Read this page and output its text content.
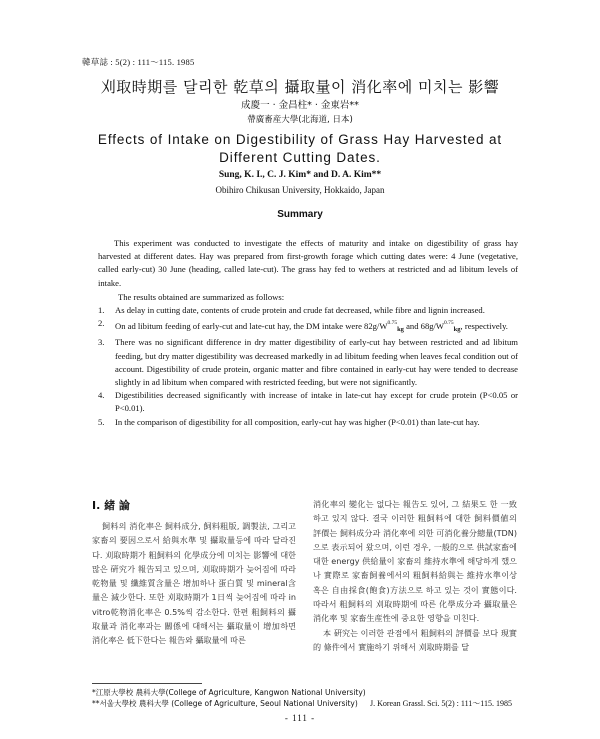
韓草誌 : 5(2) : 111～115. 1985
刈取時期를 달리한 乾草의 攝取量이 消化率에 미치는 影響
成慶一 · 金昌柱* · 金東岩**
帶廣畜産大學(北海道, 日本)
Effects of Intake on Digestibility of Grass Hay Harvested at
Different Cutting Dates.
Sung, K. I., C. J. Kim* and D. A. Kim**
Obihiro Chikusan University, Hokkaido, Japan
Summary

This experiment was conducted to investigate the effects of maturity and intake on digestibility of grass hay harvested at different dates. Hay was prepared from first-growth forage which cutting dates were: 4 June (vegetative, called early-cut) 30 June (heading, called late-cut). The grass hay fed to wethers at restricted and ad libitum levels of intake.

The results obtained are summarized as follows:

1. As delay in cutting date, contents of crude protein and crude fat decreased, while fibre and lignin increased.

2. On ad libitum feeding of early-cut and late-cut hay, the DM intake were $82g/W^{0.75}_{kg}$ and $68g/W^{0.75}_{kg}$, respectively.

3. There was no significant difference in dry matter digestibility of early-cut hay between restricted and ad libitum feeding, but dry matter digestibility was decreased markedly in ad libitum feeding when leaves fecal condition out of account. Digestibility of crude protein, organic matter and fibre contained in early-cut hay were tended to decrease slightly in ad libitum when compared with restricted feeding, but were not significantly.

4. Digestibilities decreased significantly with increase of intake in late-cut hay except for crude protein (P<0.05 or P<0.01).

5. In the comparison of digestibility for all composition, early-cut hay was higher (P<0.01) than late-cut hay.

I. 緒 論

飼料의 消化率은 飼料成分, 飼料粗版, 調製法, 그리고 家畜의 要因으로서 給與水準 및 攝取量등에 따라 달라진다. 刈取時期가 粗飼料의 化學成分에 미치는 影響에 대한 많은 硏究가 報告되고 있으며, 刈取時期가 늦어짐에 따라 乾物量 및 纖維質含量은 增加하나 蛋白質 및 mineral含量은 減少한다. 또한 刈取時期가 1日씩 늦어짐에 따라 in vitro乾物消化率은 0.5%씩 감소한다. 한편 粗飼料의 攝取量과 消化率과는 關係에 대해서는 攝取量이 增加하면 消化率은 低下한다는 報告와 攝取量에 따른

消化率의 變化는 없다는 報告도 있어, 그 結果도 한 一致하고 있지 않다. 결국 이러한 粗飼料에 대한 飼料價値의 評價는 飼料成分과 消化率에 의한 可消化養分總量(TDN)으로 表示되어 왔으며, 이런 경우, 一般的으로 供試家畜에 대한 energy 供給量이 家畜의 維持水準에 해당하게 했으나 實際로 家畜飼養에서의 粗飼料給與는 維持水準이상 혹은 自由採食(飽食)方法으로 하고 있는 것이 實態이다. 따라서 粗飼料의 刈取時期에 따른 化學成分과 攝取量은 消化率 및 家畜生産性에 중요한 영향을 미친다.

本 硏究는 이러한 관점에서 粗飼料의 評價를 보다 現實的 條件에서 實施하기 위해서 刈取時期를 달

*江原大學校 農科大學(College of Agriculture, Kangwon National University)
**서울大學校 農科大學 (College of Agriculture, Seoul National University) J. Korean Grassl. Sci. 5(2) : 111～115. 1985
- 111 -
